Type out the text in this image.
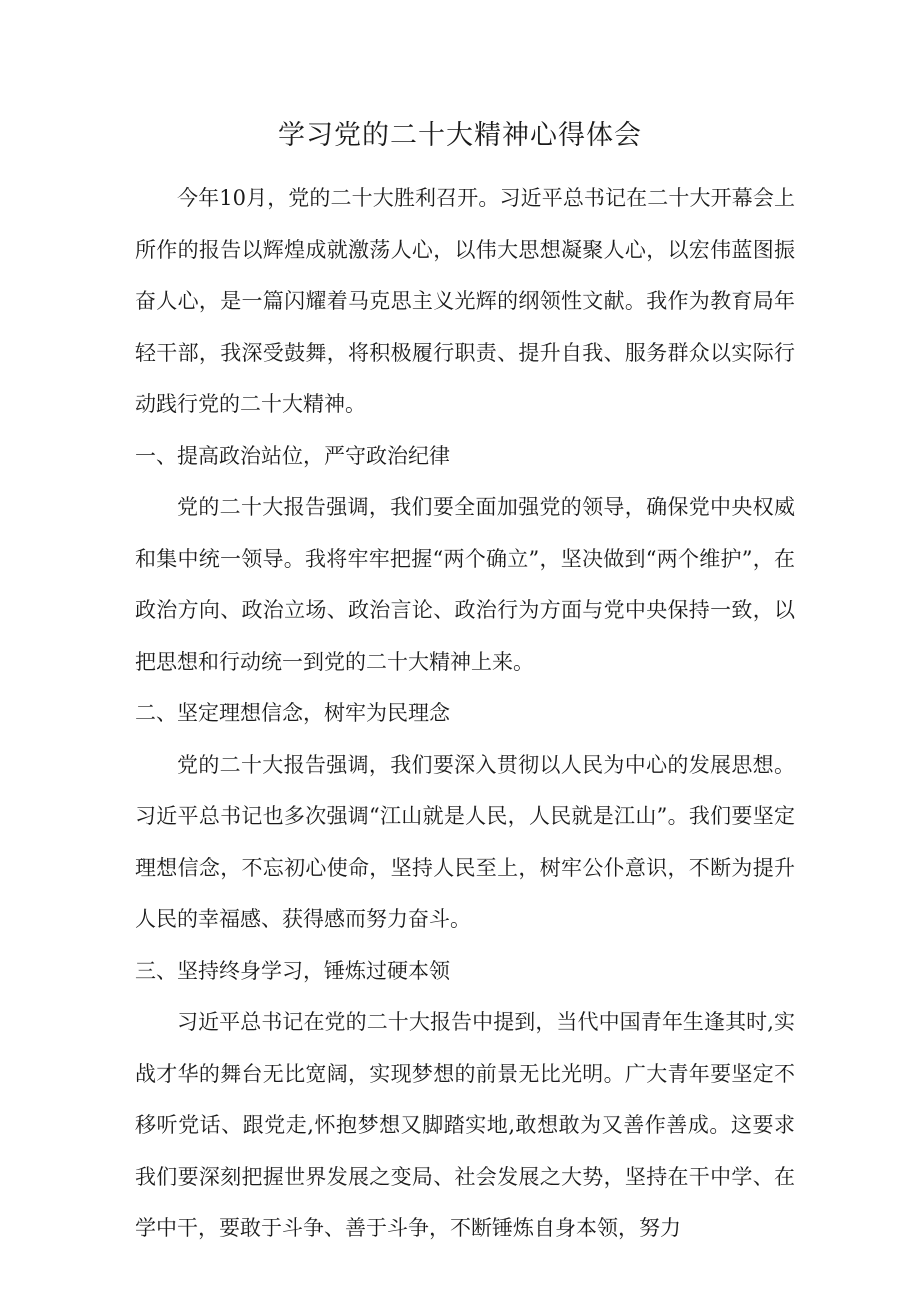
学习党的二十大精神心得体会

今年10月，党的二十大胜利召开。习近平总书记在二十大开幕会上所作的报告以辉煌成就激荡人心，以伟大思想凝聚人心，以宏伟蓝图振奋人心，是一篇闪耀着马克思主义光辉的纲领性文献。我作为教育局年轻干部，我深受鼓舞，将积极履行职责、提升自我、服务群众以实际行动践行党的二十大精神。

一、提高政治站位，严守政治纪律

党的二十大报告强调，我们要全面加强党的领导，确保党中央权威和集中统一领导。我将牢牢把握“两个确立”，坚决做到“两个维护”，在政治方向、政治立场、政治言论、政治行为方面与党中央保持一致，以把思想和行动统一到党的二十大精神上来。

二、坚定理想信念，树牢为民理念

党的二十大报告强调，我们要深入贯彻以人民为中心的发展思想。习近平总书记也多次强调“江山就是人民，人民就是江山”。我们要坚定理想信念，不忘初心使命，坚持人民至上，树牢公仆意识，不断为提升人民的幸福感、获得感而努力奋斗。

三、坚持终身学习，锤炼过硬本领

习近平总书记在党的二十大报告中提到，当代中国青年生逢其时,实战才华的舞台无比宽阔，实现梦想的前景无比光明。广大青年要坚定不移听党话、跟党走,怀抱梦想又脚踏实地,敢想敢为又善作善成。这要求我们要深刻把握世界发展之变局、社会发展之大势，坚持在干中学、在学中干，要敢于斗争、善于斗争，不断锤炼自身本领，努力
